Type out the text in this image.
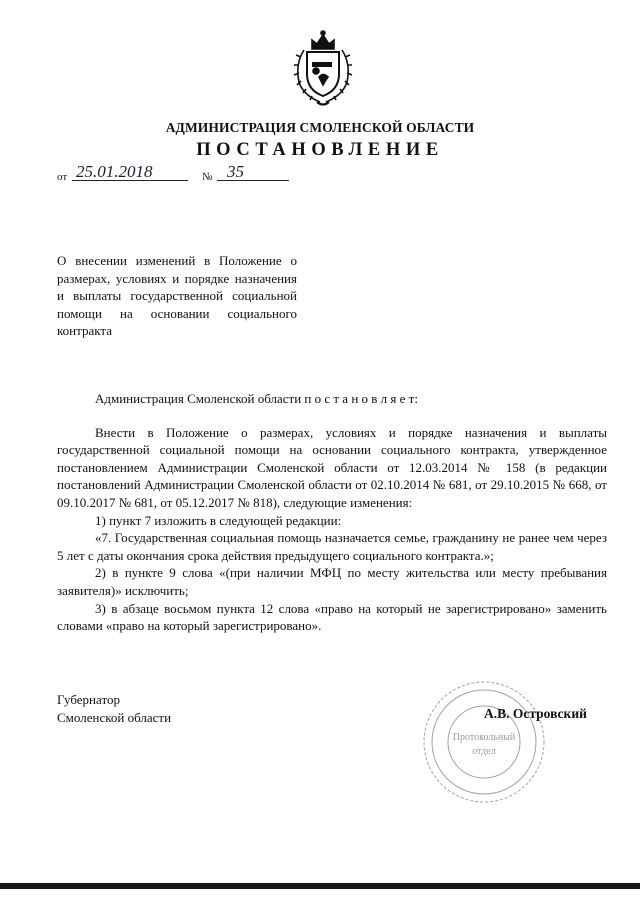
АДМИНИСТРАЦИЯ СМОЛЕНСКОЙ ОБЛАСТИ
ПОСТАНОВЛЕНИЕ
от 25.01.2018	№ 35
О внесении изменений в Положение о размерах, условиях и порядке назначения и выплаты государственной социальной помощи на основании социального контракта

Администрация Смоленской области п о с т а н о в л я е т:

Внести в Положение о размерах, условиях и порядке назначения и выплаты государственной социальной помощи на основании социального контракта, утвержденное постановлением Администрации Смоленской области от 12.03.2014 № 158 (в редакции постановлений Администрации Смоленской области от 02.10.2014 № 681, от 29.10.2015 № 668, от 09.10.2017 № 681, от 05.12.2017 № 818), следующие изменения:

1) пункт 7 изложить в следующей редакции:

«7. Государственная социальная помощь назначается семье, гражданину не ранее чем через 5 лет с даты окончания срока действия предыдущего социального контракта.»;

2) в пункте 9 слова «(при наличии МФЦ по месту жительства или месту пребывания заявителя)» исключить;

3) в абзаце восьмом пункта 12 слова «право на который не зарегистрировано» заменить словами «право на который зарегистрировано».

Губернатор
Смоленской области
Протокольный
отдел
А.В. Островский
